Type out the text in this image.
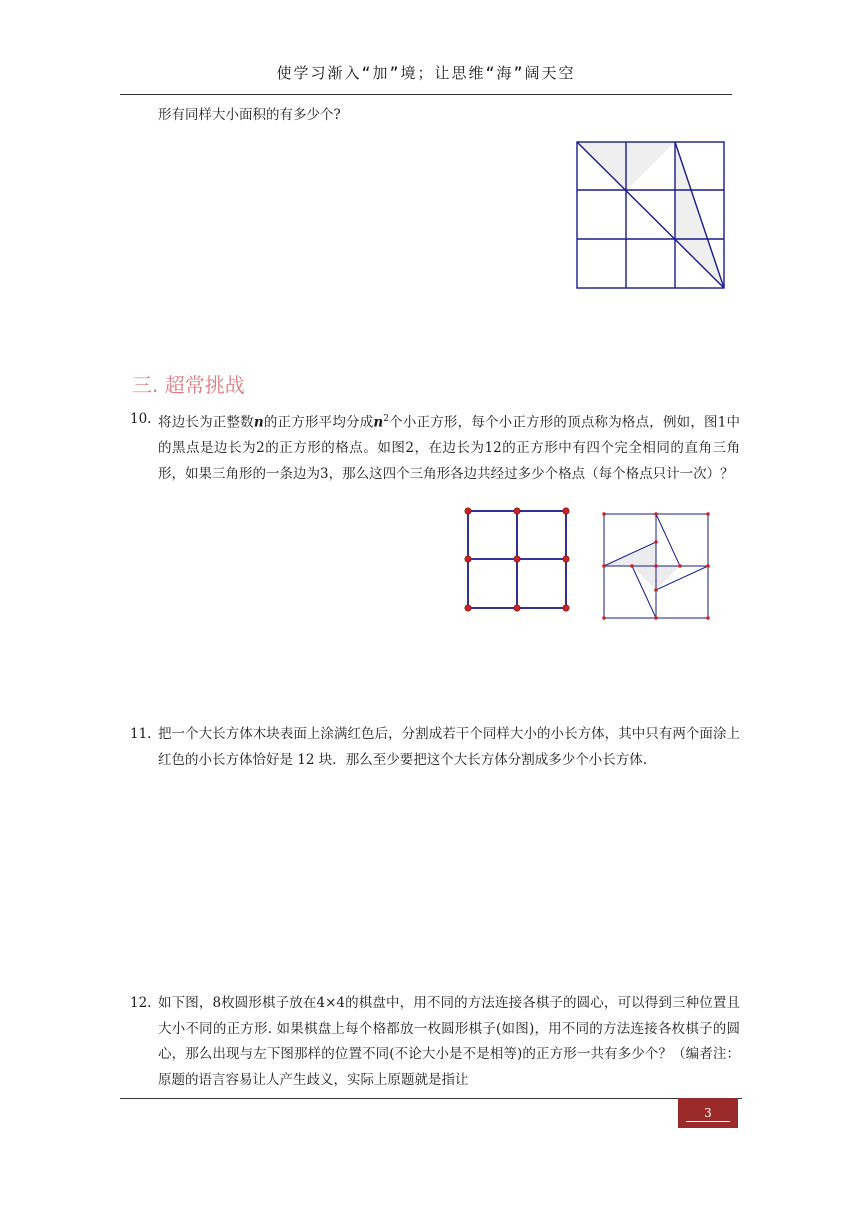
使学习渐入“加”境；让思维“海”阔天空
形有同样大小面积的有多少个?
三. 超常挑战
10. 将边长为正整数n的正方形平均分成$n^2$个小正方形，每个小正方形的顶点称为格点，例如，图1中的黑点是边长为2的正方形的格点。如图2，在边长为12的正方形中有四个完全相同的直角三角形，如果三角形的一条边为3，那么这四个三角形各边共经过多少个格点（每个格点只计一次）？
11. 把一个大长方体木块表面上涂满红色后，分割成若干个同样大小的小长方体，其中只有两个面涂上红色的小长方体恰好是 12 块．那么至少要把这个大长方体分割成多少个小长方体.
12. 如下图，8枚圆形棋子放在4×4的棋盘中，用不同的方法连接各棋子的圆心，可以得到三种位置且大小不同的正方形. 如果棋盘上每个格都放一枚圆形棋子(如图)，用不同的方法连接各枚棋子的圆心，那么出现与左下图那样的位置不同(不论大小是不是相等)的正方形一共有多少个？（编者注：原题的语言容易让人产生歧义，实际上原题就是指让
3
